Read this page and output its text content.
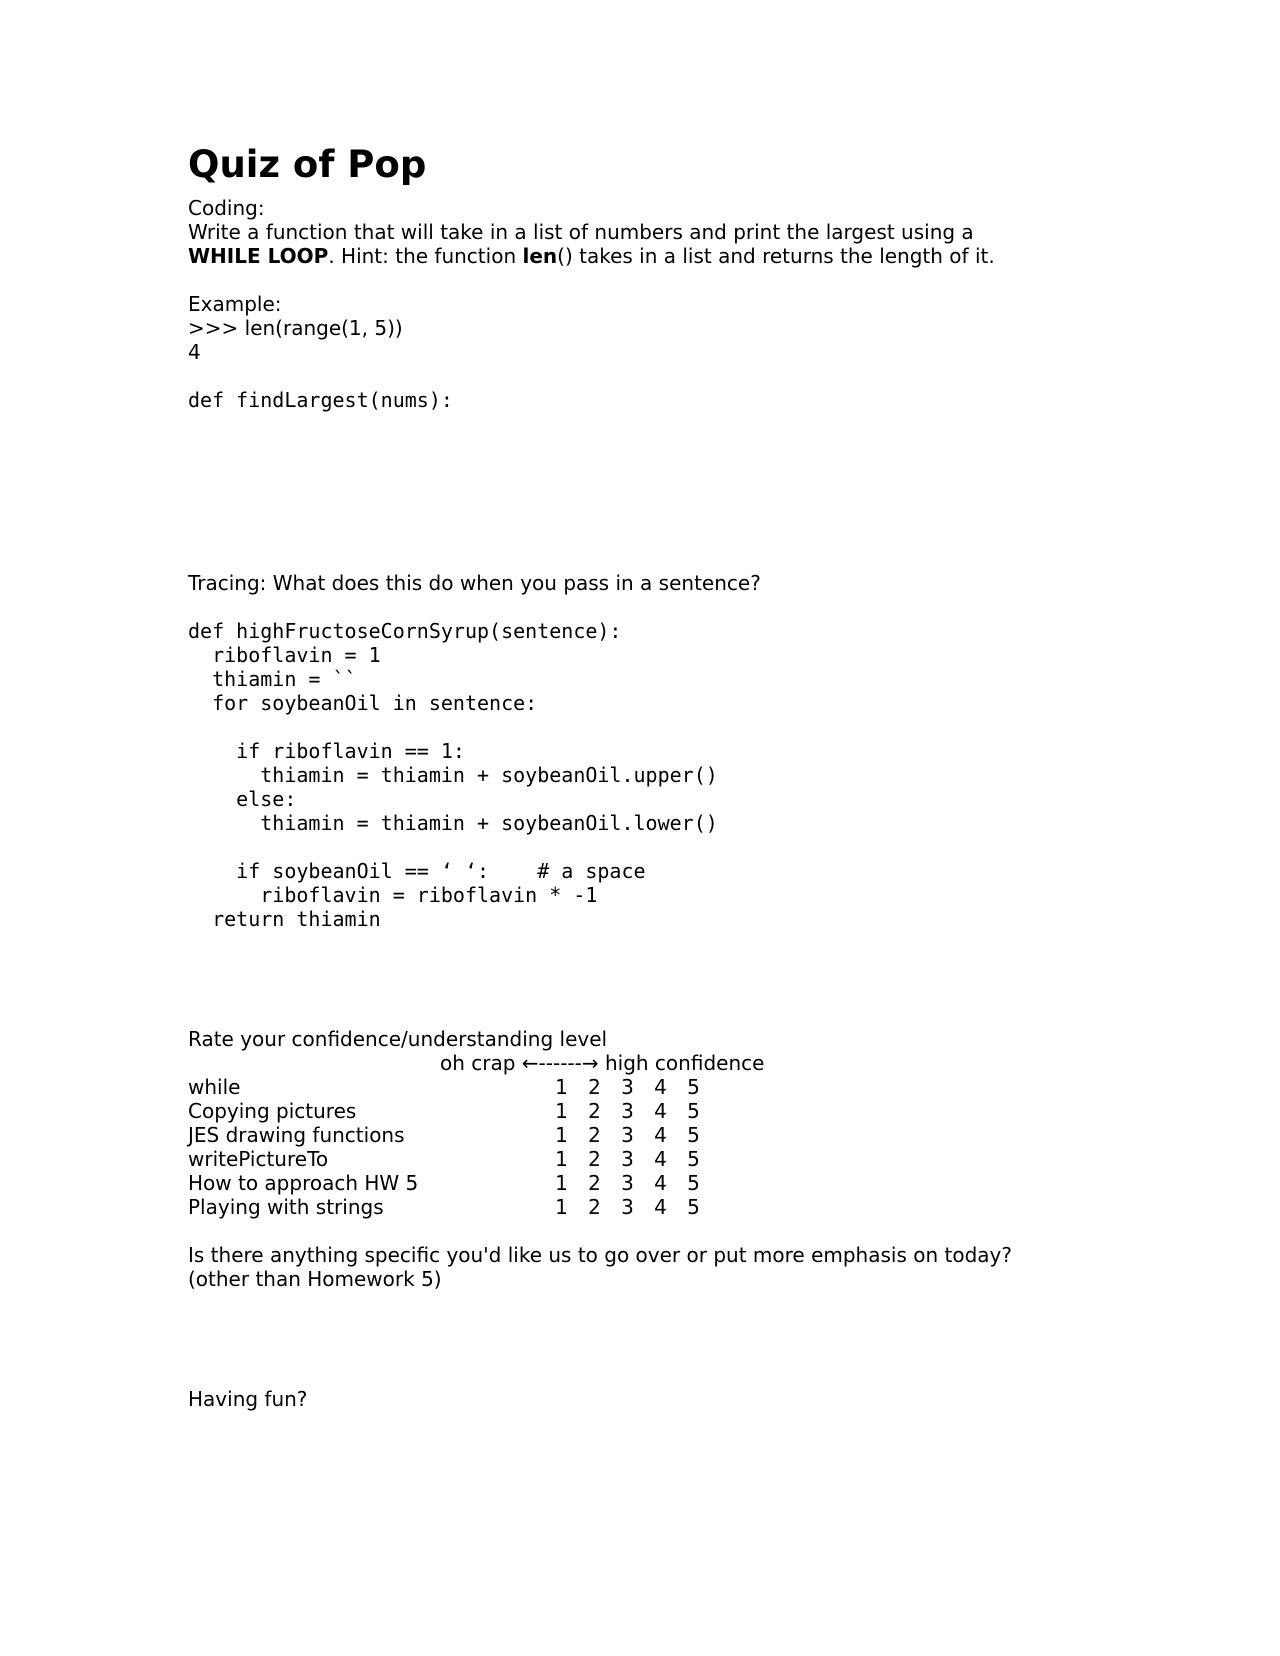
Quiz of Pop
Coding:
Write a function that will take in a list of numbers and print the largest using a
WHILE LOOP. Hint: the function len() takes in a list and returns the length of it.
Example:
>>> len(range(1, 5))
4
def findLargest(nums):
Tracing: What does this do when you pass in a sentence?
def highFructoseCornSyrup(sentence):
riboflavin = 1
thiamin = ``
for soybeanOil in sentence:
if riboflavin == 1:
thiamin = thiamin + soybeanOil.upper()
else:
thiamin = thiamin + soybeanOil.lower()
if soybeanOil == ‘ ‘:    # a space
riboflavin = riboflavin * -1
return thiamin
Rate your confidence/understanding level
oh crap ←------→ high confidence
while	1	2	3	4	5
Copying pictures	1	2	3	4	5
JES drawing functions	1	2	3	4	5
writePictureTo	1	2	3	4	5
How to approach HW 5	1	2	3	4	5
Playing with strings	1	2	3	4	5
Is there anything specific you'd like us to go over or put more emphasis on today?
(other than Homework 5)
Having fun?
